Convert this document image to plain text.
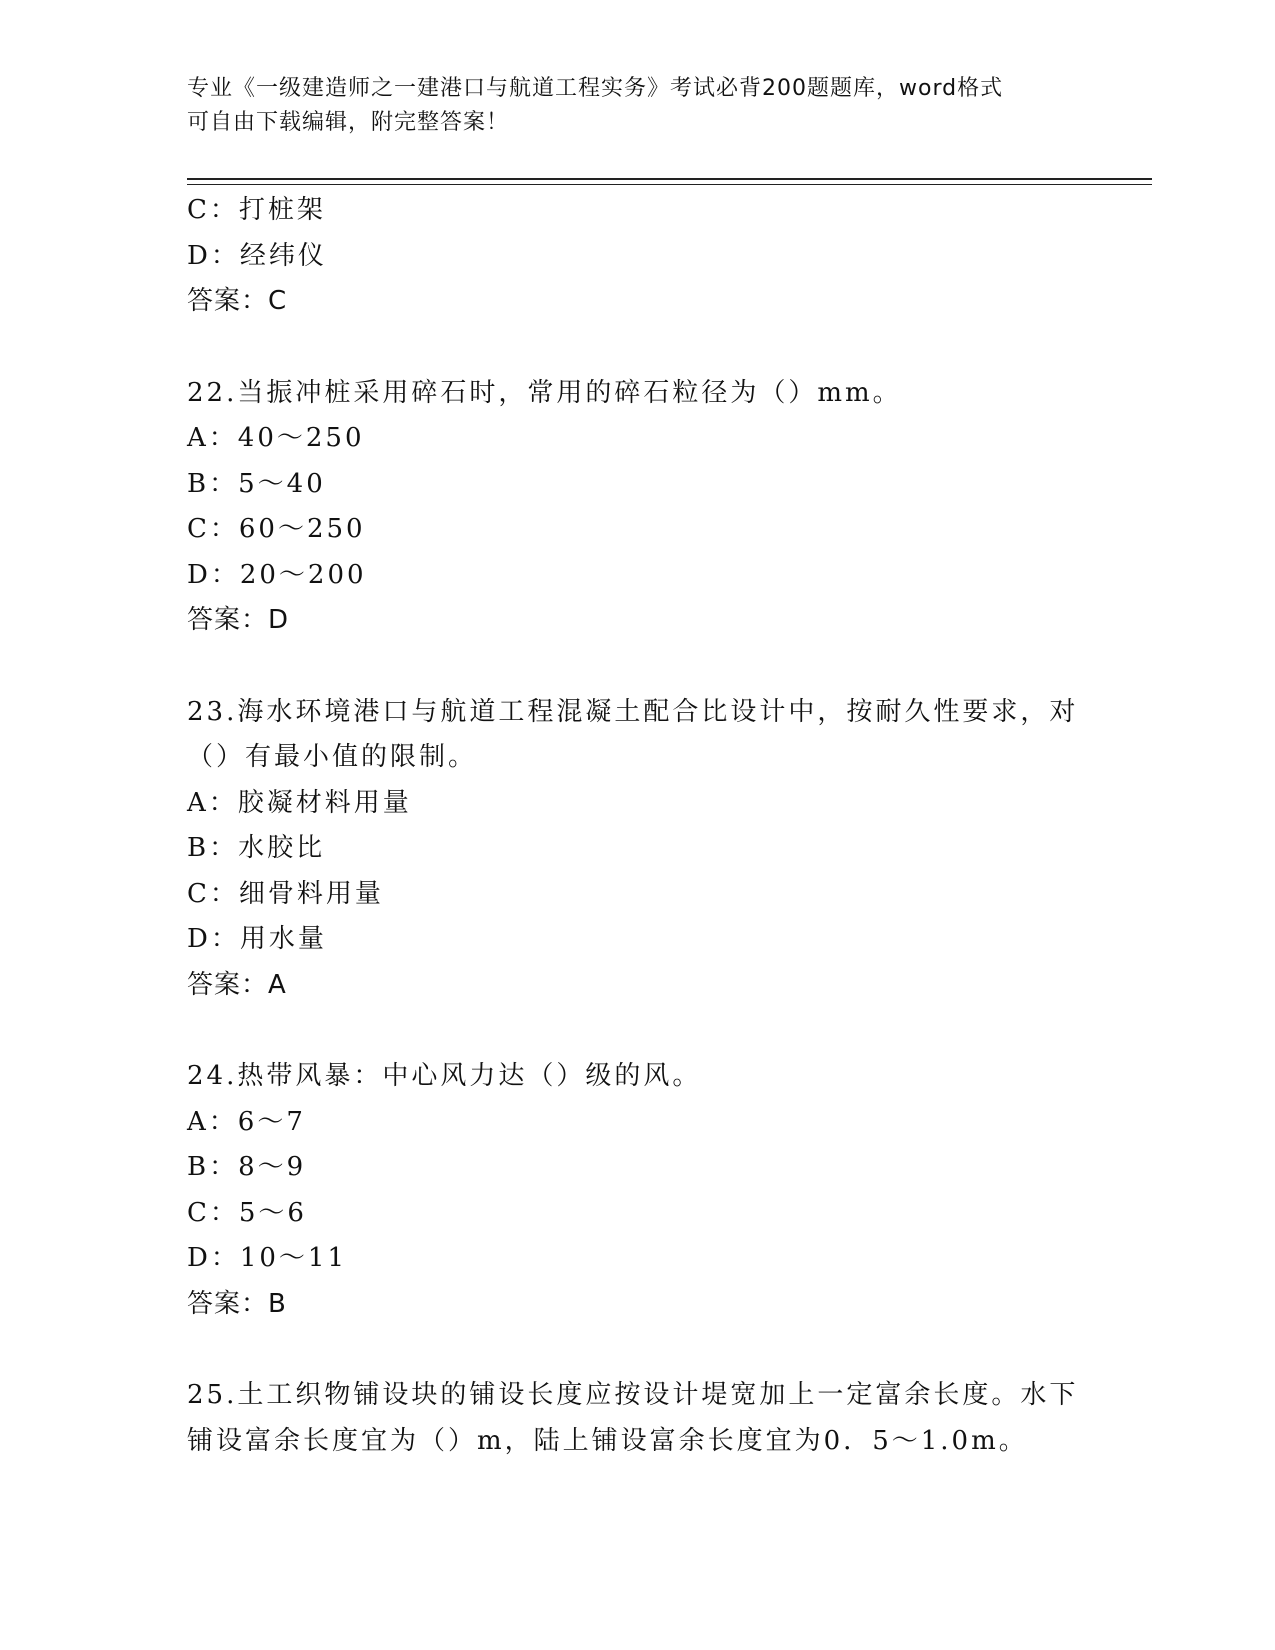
专业《一级建造师之一建港口与航道工程实务》考试必背200题题库，word格式
可自由下载编辑，附完整答案！
C：打桩架
D：经纬仪
答案：C
22.当振冲桩采用碎石时，常用的碎石粒径为（）mm。
A：40～250
B：5～40
C：60～250
D：20～200
答案：D
23.海水环境港口与航道工程混凝土配合比设计中，按耐久性要求，对
（）有最小值的限制。
A：胶凝材料用量
B：水胶比
C：细骨料用量
D：用水量
答案：A
24.热带风暴：中心风力达（）级的风。
A：6～7
B：8～9
C：5～6
D：10～11
答案：B
25.土工织物铺设块的铺设长度应按设计堤宽加上一定富余长度。水下
铺设富余长度宜为（）m，陆上铺设富余长度宜为0．5～1.0m。
